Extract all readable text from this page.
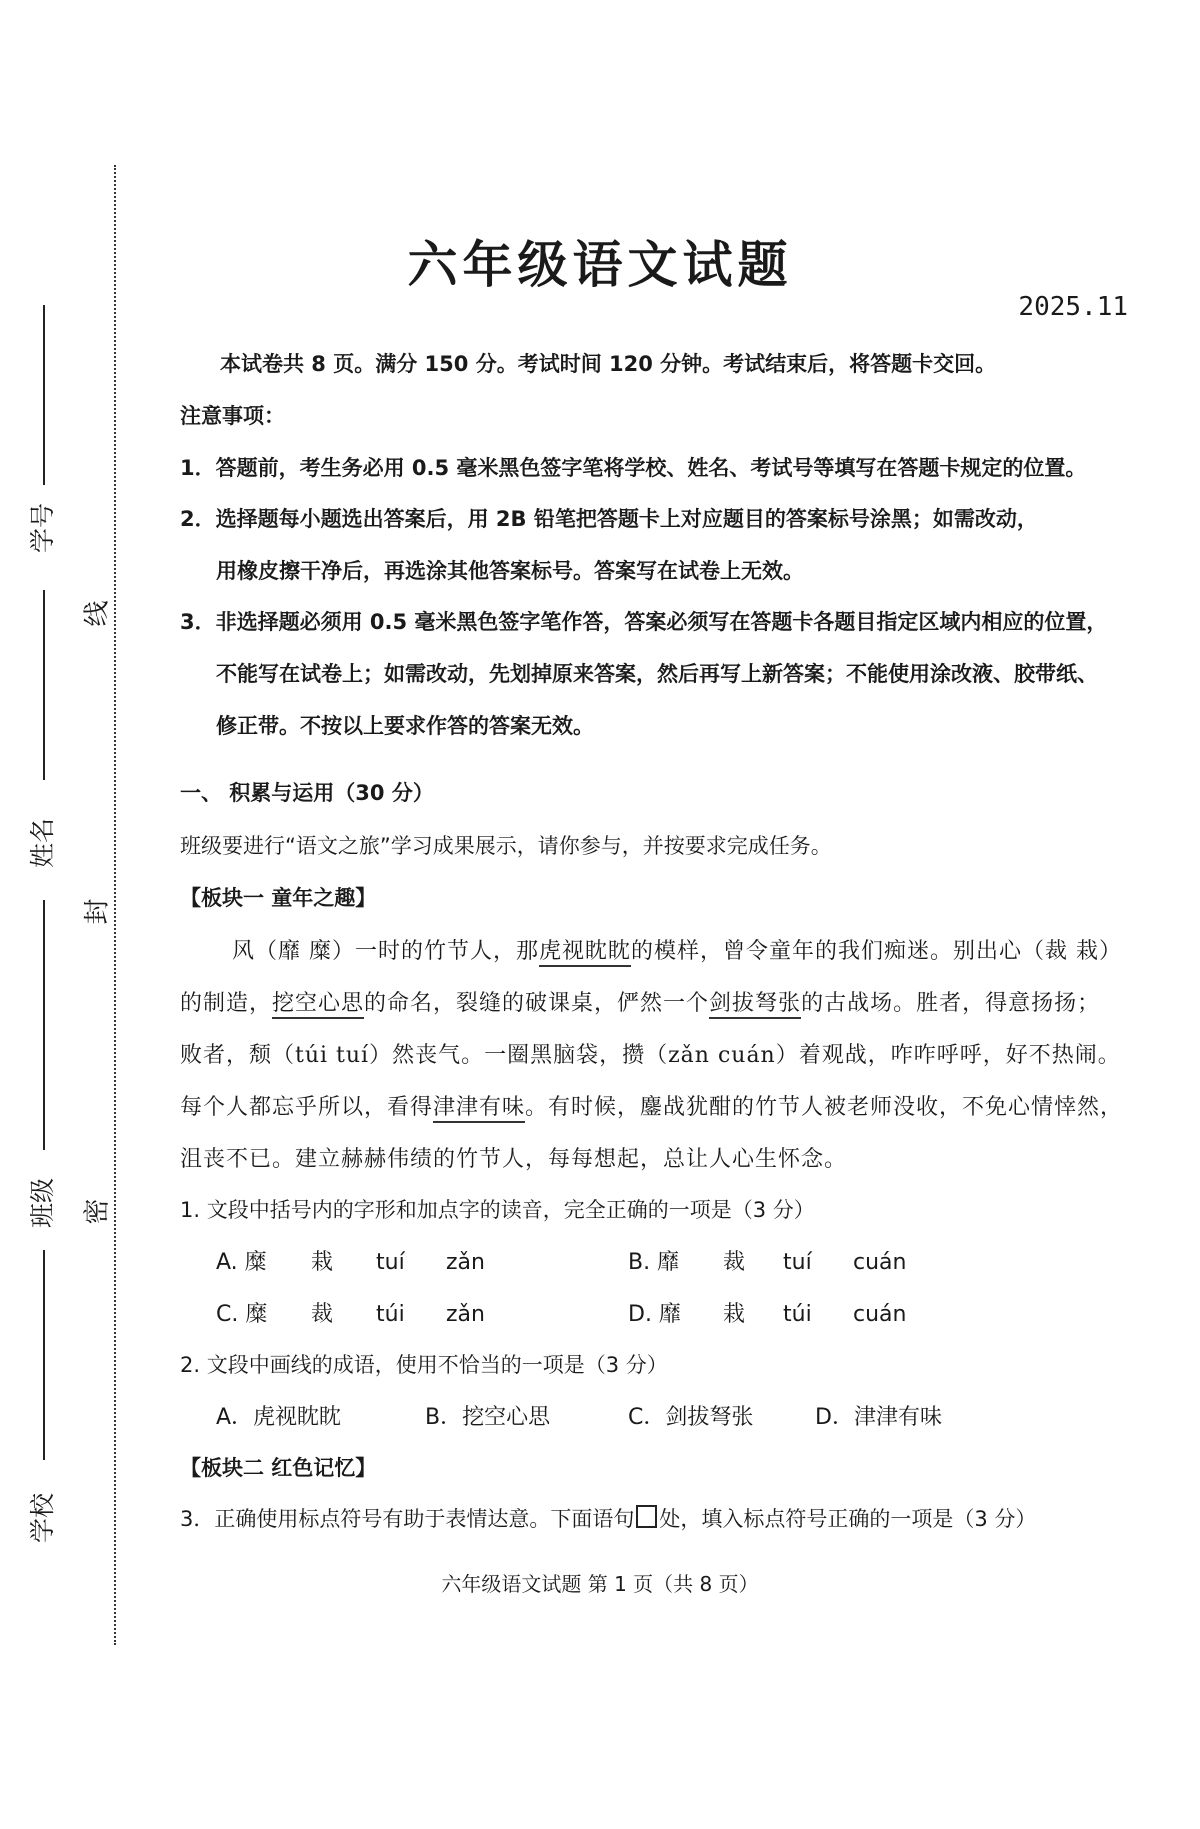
学号
姓名
班级
学校
线
封
密
六年级语文试题
2025.11
本试卷共 8 页。满分 150 分。考试时间 120 分钟。考试结束后，将答题卡交回。
注意事项：
1．答题前，考生务必用 0.5 毫米黑色签字笔将学校、姓名、考试号等填写在答题卡规定的位置。
2．选择题每小题选出答案后，用 2B 铅笔把答题卡上对应题目的答案标号涂黑；如需改动，
用橡皮擦干净后，再选涂其他答案标号。答案写在试卷上无效。
3．非选择题必须用 0.5 毫米黑色签字笔作答，答案必须写在答题卡各题目指定区域内相应的位置，
不能写在试卷上；如需改动，先划掉原来答案，然后再写上新答案；不能使用涂改液、胶带纸、
修正带。不按以上要求作答的答案无效。
一、 积累与运用（30 分）
班级要进行“语文之旅”学习成果展示，请你参与，并按要求完成任务。
【板块一 童年之趣】
风（靡 糜）一时的竹节人，那虎视眈眈的模样，曾令童年的我们痴迷。别出心（裁 栽）
的制造，挖空心思的命名，裂缝的破课桌，俨然一个剑拔弩张的古战场。胜者，得意扬扬；
败者，颓（túi tuí）然丧气。一圈黑脑袋，攒（zǎn cuán）着观战，咋咋呼呼，好不热闹。
每个人都忘乎所以，看得津津有味。有时候，鏖战犹酣的竹节人被老师没收，不免心情悻然，
沮丧不已。建立赫赫伟绩的竹节人，每每想起，总让人心生怀念。
1. 文段中括号内的字形和加点字的读音，完全正确的一项是（3 分）
A. 糜 栽 tuí zǎn	B. 靡 裁 tuí cuán
C. 糜 裁 túi zǎn	D. 靡 栽 túi cuán
2. 文段中画线的成语，使用不恰当的一项是（3 分）
A．虎视眈眈	B．挖空心思	C．剑拔弩张	D．津津有味
【板块二 红色记忆】
3．正确使用标点符号有助于表情达意。下面语句 处，填入标点符号正确的一项是（3 分）
六年级语文试题 第 1 页（共 8 页）
